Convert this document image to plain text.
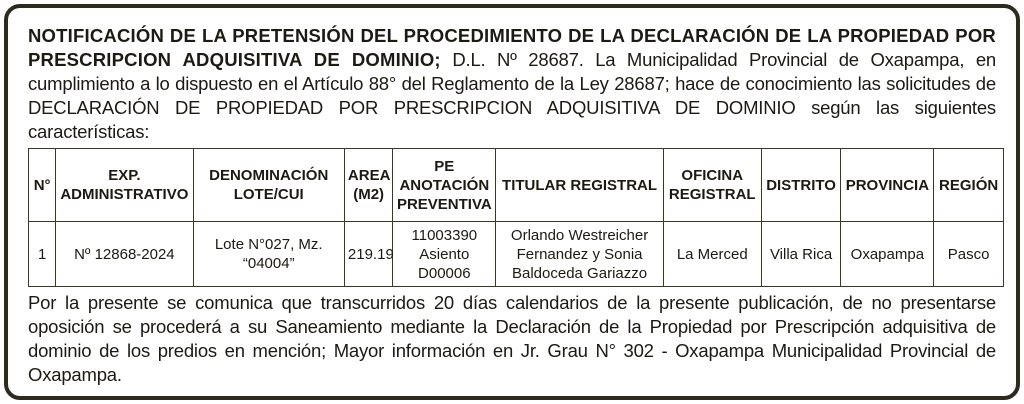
NOTIFICACIÓN DE LA PRETENSIÓN DEL PROCEDIMIENTO DE LA DECLARACIÓN DE LA PROPIEDAD POR PRESCRIPCION ADQUISITIVA DE DOMINIO; D.L. Nº 28687. La Municipalidad Provincial de Oxapampa, en cumplimiento a lo dispuesto en el Artículo 88° del Reglamento de la Ley 28687; hace de conocimiento las solicitudes de DECLARACIÓN DE PROPIEDAD POR PRESCRIPCION ADQUISITIVA DE DOMINIO según las siguientes características:

N°	EXP. ADMINISTRATIVO	DENOMINACIÓN LOTE/CUI	AREA (M2)	PE ANOTACIÓN PREVENTIVA	TITULAR REGISTRAL	OFICINA REGISTRAL	DISTRITO	PROVINCIA	REGIÓN
1	Nº 12868-2024	Lote N°027, Mz. “04004”	219.19	11003390 Asiento D00006	Orlando Westreicher Fernandez y Sonia Baldoceda Gariazzo	La Merced	Villa Rica	Oxapampa	Pasco

Por la presente se comunica que transcurridos 20 días calendarios de la presente publicación, de no presentarse oposición se procederá a su Saneamiento mediante la Declaración de la Propiedad por Prescripción adquisitiva de dominio de los predios en mención; Mayor información en Jr. Grau N° 302 - Oxapampa Municipalidad Provincial de Oxapampa.
